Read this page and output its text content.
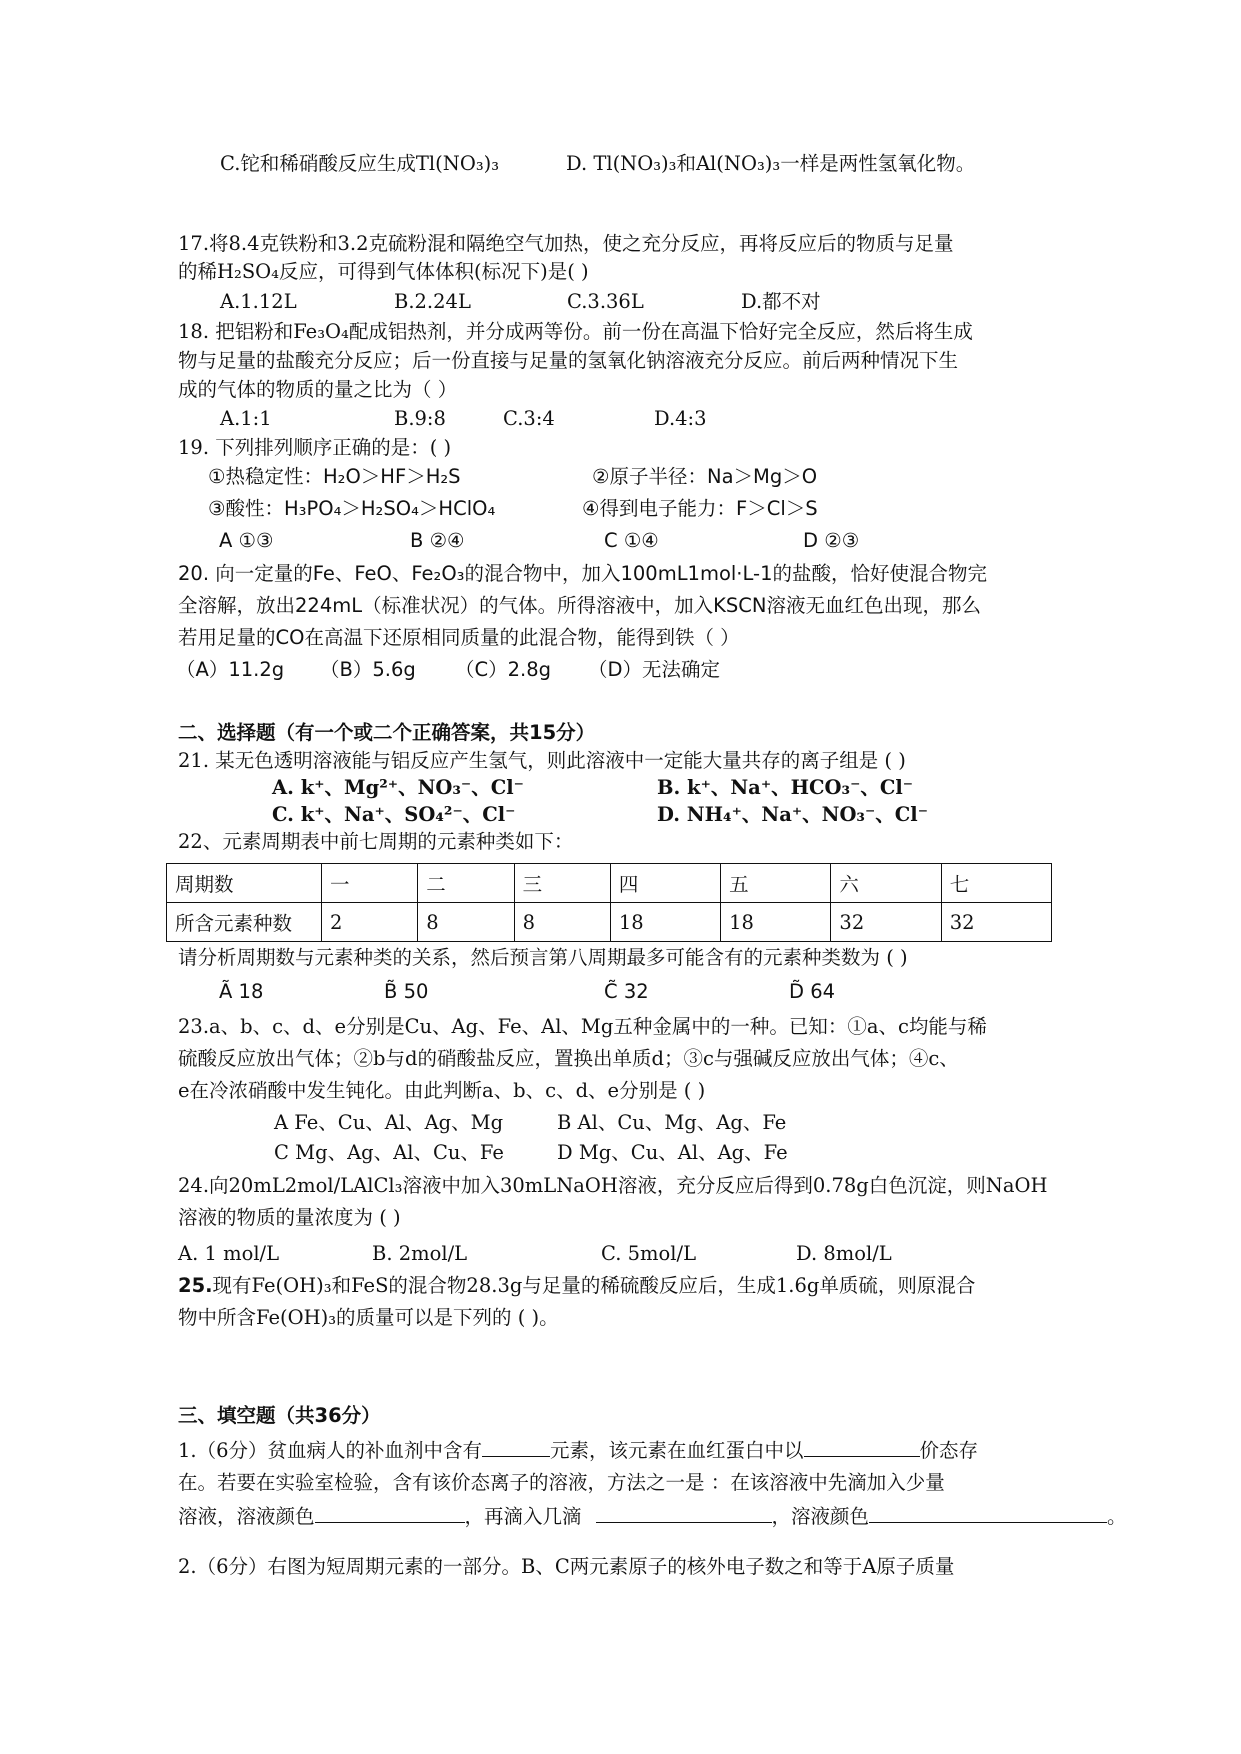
C.铊和稀硝酸反应生成Tl(NO₃)₃	D. Tl(NO₃)₃和Al(NO₃)₃一样是两性氢氧化物。
17.将8.4克铁粉和3.2克硫粉混和隔绝空气加热，使之充分反应，再将反应后的物质与足量
的稀H₂SO₄反应，可得到气体体积(标况下)是( )
A.1.12L	B.2.24L	C.3.36L	D.都不对
18. 把铝粉和Fe₃O₄配成铝热剂，并分成两等份。前一份在高温下恰好完全反应，然后将生成
物与足量的盐酸充分反应；后一份直接与足量的氢氧化钠溶液充分反应。前后两种情况下生
成的气体的物质的量之比为（ ）
A.1:1	B.9:8	C.3:4	D.4:3
19. 下列排列顺序正确的是：( )
①热稳定性：H₂O＞HF＞H₂S	②原子半径：Na＞Mg＞O
③酸性：H₃PO₄＞H₂SO₄＞HClO₄	④得到电子能力：F＞Cl＞S
A ①③	B ②④	C ①④	D ②③
20. 向一定量的Fe、FeO、Fe₂O₃的混合物中，加入100mL1mol·L-1的盐酸，恰好使混合物完
全溶解，放出224mL（标准状况）的气体。所得溶液中，加入KSCN溶液无血红色出现，那么
若用足量的CO在高温下还原相同质量的此混合物，能得到铁（ ）
（A）11.2g （B）5.6g （C）2.8g （D）无法确定
二、选择题（有一个或二个正确答案，共15分）
21. 某无色透明溶液能与铝反应产生氢气，则此溶液中一定能大量共存的离子组是 ( )
A. k⁺、Mg²⁺、NO₃⁻、Cl⁻	B. k⁺、Na⁺、HCO₃⁻、Cl⁻
C. k⁺、Na⁺、SO₄²⁻、Cl⁻	D. NH₄⁺、Na⁺、NO₃⁻、Cl⁻
22、元素周期表中前七周期的元素种类如下：
周期数	一	二	三	四	五	六	七
所含元素种数	2	8	8	18	18	32	32
请分析周期数与元素种类的关系，然后预言第八周期最多可能含有的元素种类数为 ( )
Ã 18	B̃ 50	C̃ 32	D̃ 64
23.a、b、c、d、e分别是Cu、Ag、Fe、Al、Mg五种金属中的一种。已知：①a、c均能与稀
硫酸反应放出气体；②b与d的硝酸盐反应，置换出单质d；③c与强碱反应放出气体；④c、
e在冷浓硝酸中发生钝化。由此判断a、b、c、d、e分别是 ( )
A Fe、Cu、Al、Ag、Mg	B Al、Cu、Mg、Ag、Fe
C Mg、Ag、Al、Cu、Fe	D Mg、Cu、Al、Ag、Fe
24.向20mL2mol/LAlCl₃溶液中加入30mLNaOH溶液，充分反应后得到0.78g白色沉淀，则NaOH
溶液的物质的量浓度为 ( )
A. 1 mol/L	B. 2mol/L	C. 5mol/L	D. 8mol/L
25.现有Fe(OH)₃和FeS的混合物28.3g与足量的稀硫酸反应后，生成1.6g单质硫，则原混合
物中所含Fe(OH)₃的质量可以是下列的 ( )。
三、填空题（共36分）
1.（6分）贫血病人的补血剂中含有	元素，该元素在血红蛋白中以	价态存
在。若要在实验室检验，含有该价态离子的溶液，方法之一是 ：在该溶液中先滴加入少量
溶液，溶液颜色	，再滴入几滴	，溶液颜色	。
2.（6分）右图为短周期元素的一部分。B、C两元素原子的核外电子数之和等于A原子质量
